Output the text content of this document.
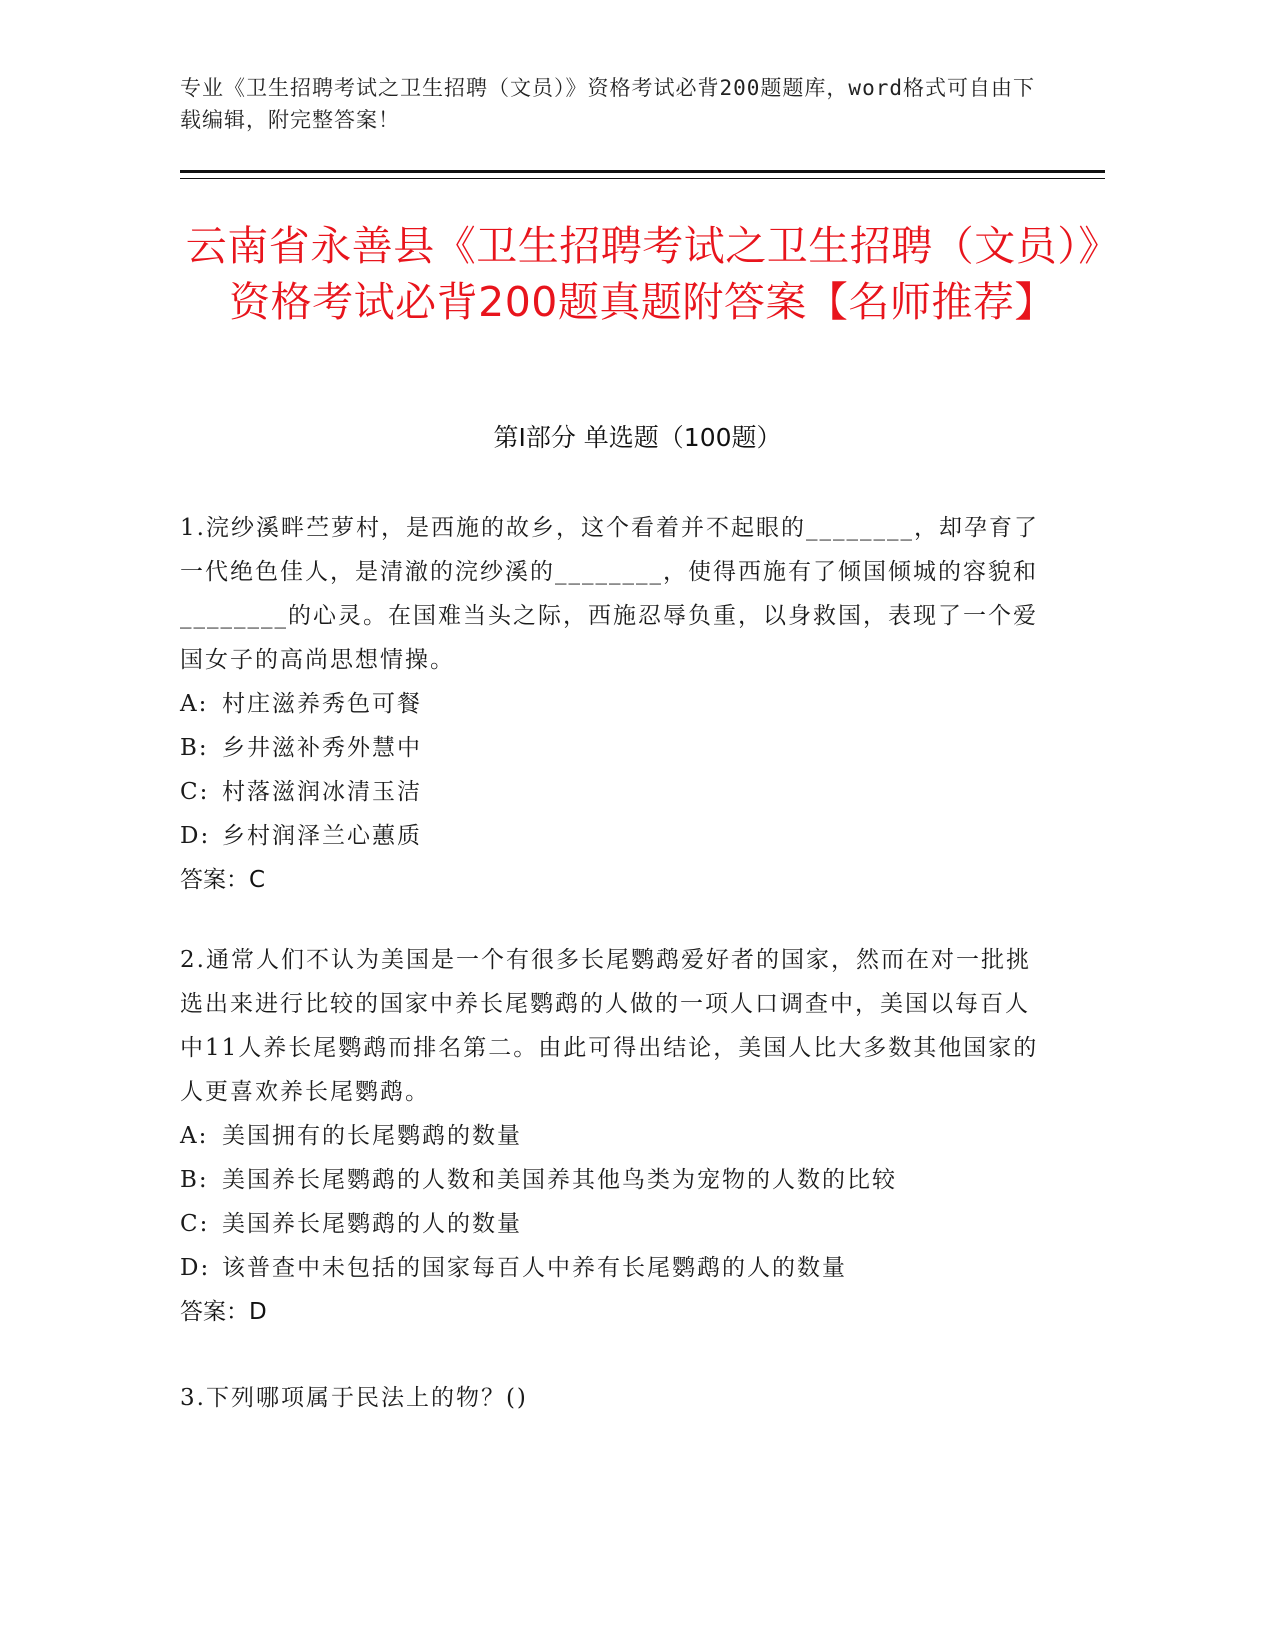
专业《卫生招聘考试之卫生招聘（文员）》资格考试必背200题题库，word格式可自由下载编辑，附完整答案！
云南省永善县《卫生招聘考试之卫生招聘（文员）》资格考试必背200题真题附答案【名师推荐】
第Ⅰ部分 单选题（100题）

1.浣纱溪畔苎萝村，是西施的故乡，这个看着并不起眼的________，却孕育了一代绝色佳人，是清澈的浣纱溪的________，使得西施有了倾国倾城的容貌和________的心灵。在国难当头之际，西施忍辱负重，以身救国，表现了一个爱国女子的高尚思想情操。

A: 村庄滋养秀色可餐

B: 乡井滋补秀外慧中

C: 村落滋润冰清玉洁

D: 乡村润泽兰心蕙质

答案：C

2.通常人们不认为美国是一个有很多长尾鹦鹉爱好者的国家，然而在对一批挑选出来进行比较的国家中养长尾鹦鹉的人做的一项人口调查中，美国以每百人中11人养长尾鹦鹉而排名第二。由此可得出结论，美国人比大多数其他国家的人更喜欢养长尾鹦鹉。

A: 美国拥有的长尾鹦鹉的数量

B: 美国养长尾鹦鹉的人数和美国养其他鸟类为宠物的人数的比较

C: 美国养长尾鹦鹉的人的数量

D: 该普查中未包括的国家每百人中养有长尾鹦鹉的人的数量

答案：D

3.下列哪项属于民法上的物？()
